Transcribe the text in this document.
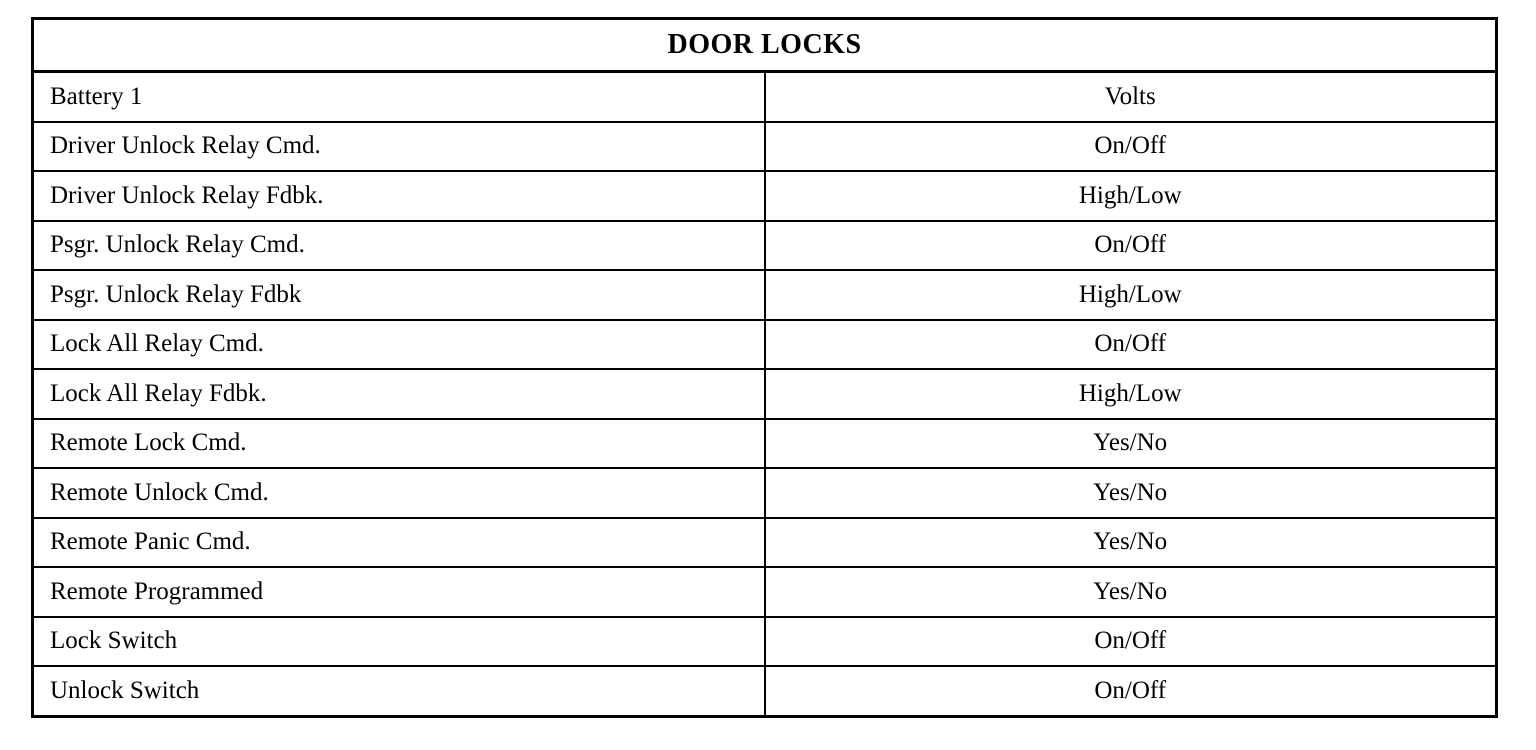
DOOR LOCKS	
Battery 1	Volts
Driver Unlock Relay Cmd.	On/Off
Driver Unlock Relay Fdbk.	High/Low
Psgr. Unlock Relay Cmd.	On/Off
Psgr. Unlock Relay Fdbk	High/Low
Lock All Relay Cmd.	On/Off
Lock All Relay Fdbk.	High/Low
Remote Lock Cmd.	Yes/No
Remote Unlock Cmd.	Yes/No
Remote Panic Cmd.	Yes/No
Remote Programmed	Yes/No
Lock Switch	On/Off
Unlock Switch	On/Off
